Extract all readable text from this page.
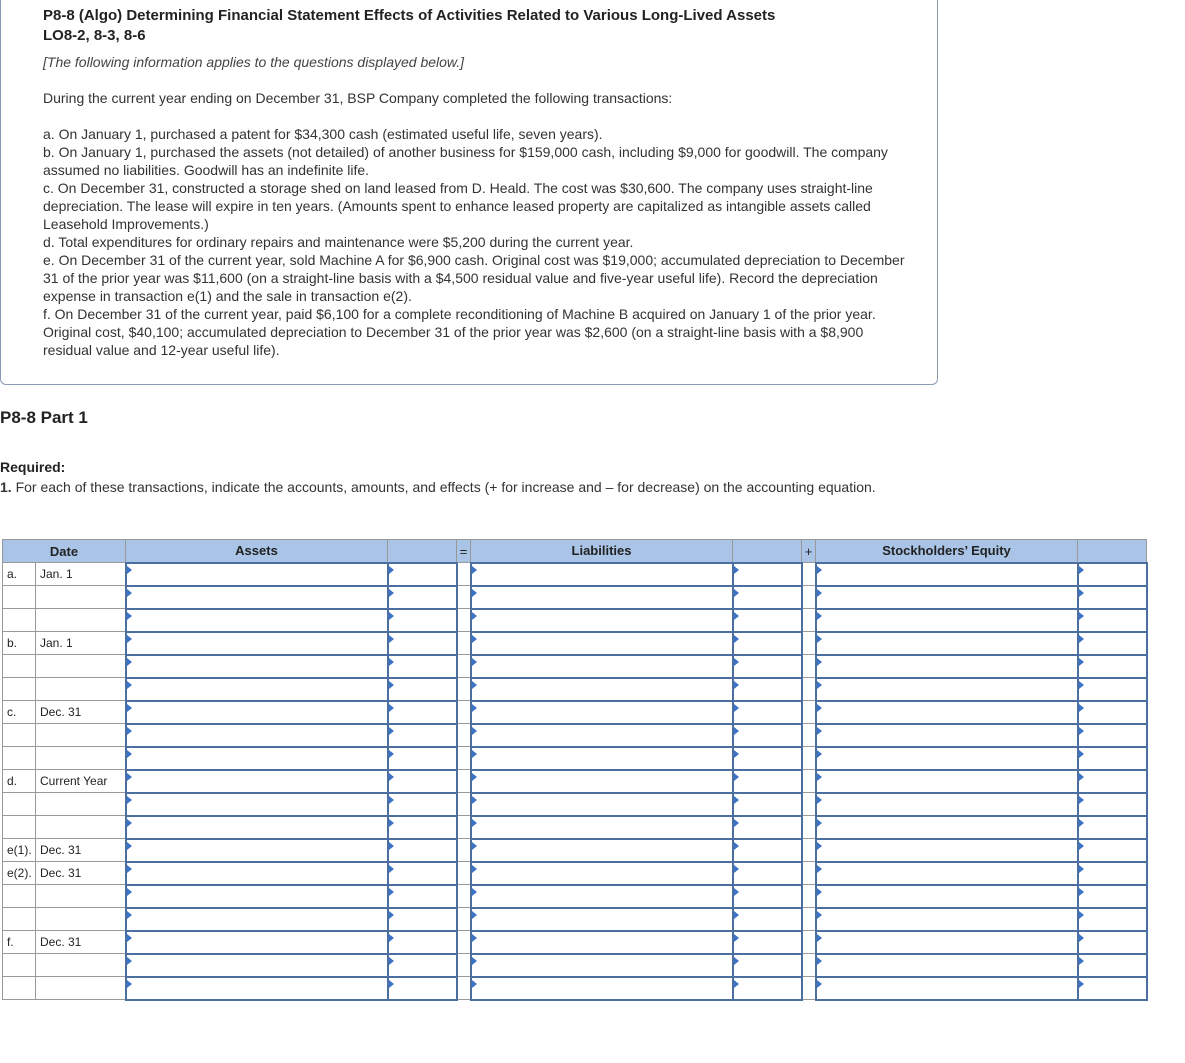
P8-8 (Algo) Determining Financial Statement Effects of Activities Related to Various Long-Lived Assets
LO8-2, 8-3, 8-6

[The following information applies to the questions displayed below.]

During the current year ending on December 31, BSP Company completed the following transactions:

a. On January 1, purchased a patent for $34,300 cash (estimated useful life, seven years).

b. On January 1, purchased the assets (not detailed) of another business for $159,000 cash, including $9,000 for goodwill. The company assumed no liabilities. Goodwill has an indefinite life.

c. On December 31, constructed a storage shed on land leased from D. Heald. The cost was $30,600. The company uses straight-line depreciation. The lease will expire in ten years. (Amounts spent to enhance leased property are capitalized as intangible assets called Leasehold Improvements.)

d. Total expenditures for ordinary repairs and maintenance were $5,200 during the current year.

e. On December 31 of the current year, sold Machine A for $6,900 cash. Original cost was $19,000; accumulated depreciation to December 31 of the prior year was $11,600 (on a straight-line basis with a $4,500 residual value and five-year useful life). Record the depreciation expense in transaction e(1) and the sale in transaction e(2).

f. On December 31 of the current year, paid $6,100 for a complete reconditioning of Machine B acquired on January 1 of the prior year. Original cost, $40,100; accumulated depreciation to December 31 of the prior year was $2,600 (on a straight-line basis with a $8,900 residual value and 12-year useful life).

P8-8 Part 1

Required:

1. For each of these transactions, indicate the accounts, amounts, and effects (+ for increase and – for decrease) on the accounting equation.

Date		Assets		=	Liabilities		+	Stockholders’ Equity	
a.	Jan. 1								

b.	Jan. 1								

c.	Dec. 31								

d.	Current Year								

e(1).	Dec. 31								
e(2).	Dec. 31								

f.	Dec. 31								
